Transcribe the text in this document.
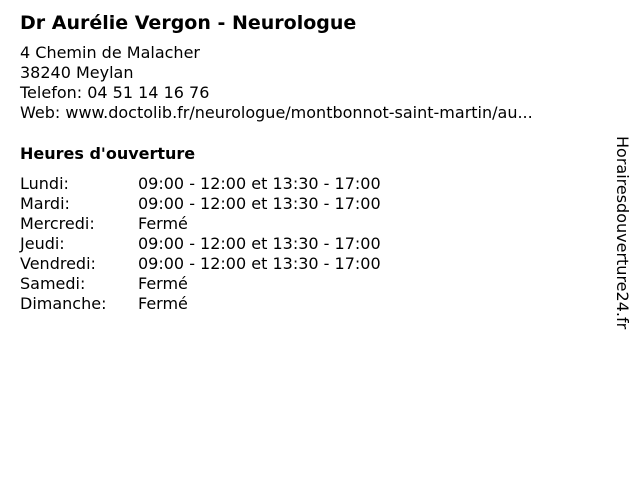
Dr Aurélie Vergon - Neurologue
4 Chemin de Malacher
38240 Meylan
Telefon: 04 51 14 16 76
Web: www.doctolib.fr/neurologue/montbonnot-saint-martin/au...
Heures d'ouverture
Lundi:	09:00 - 12:00 et 13:30 - 17:00
Mardi:	09:00 - 12:00 et 13:30 - 17:00
Mercredi:	Fermé
Jeudi:	09:00 - 12:00 et 13:30 - 17:00
Vendredi:	09:00 - 12:00 et 13:30 - 17:00
Samedi:	Fermé
Dimanche:	Fermé	Horairesdouverture24.fr
